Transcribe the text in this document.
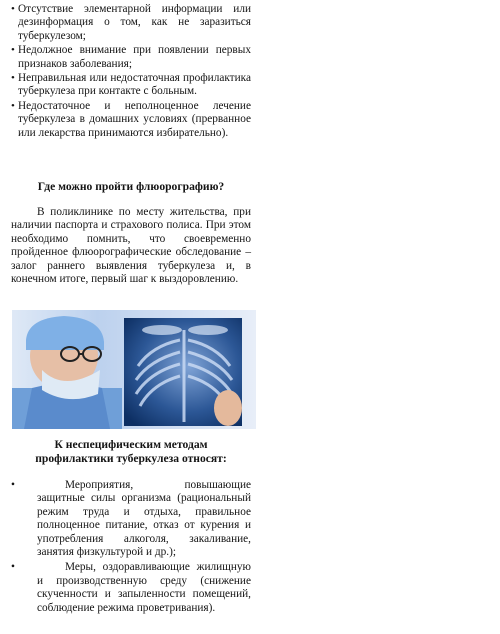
• Отсутствие элементарной информации или дезинформация о том, как не заразиться туберкулезом;
• Недолжное внимание при появлении первых признаков заболевания;
• Неправильная или недостаточная профилактика туберкулеза при контакте с больным.
• Недостаточное и неполноценное лечение туберкулеза в домашних условиях (прерванное или лекарства принимаются избирательно).

Где можно пройти флюорографию?

В поликлинике по месту жительства, при наличии паспорта и страхового полиса. При этом необходимо помнить, что своевременно пройденное флюорографические обследование – залог раннего выявления туберкулеза и, в конечном итоге, первый шаг к выздоровлению.

К неспецифическим методам

профилактики туберкулеза относят:

• Мероприятия, повышающие защитные силы организма (рациональный режим труда и отдыха, правильное полноценное питание, отказ от курения и употребления алкоголя, закаливание, занятия физкультурой и др.);
• Меры, оздоравливающие жилищную и производственную среду (снижение скученности и запыленности помещений, соблюдение режима проветривания).
